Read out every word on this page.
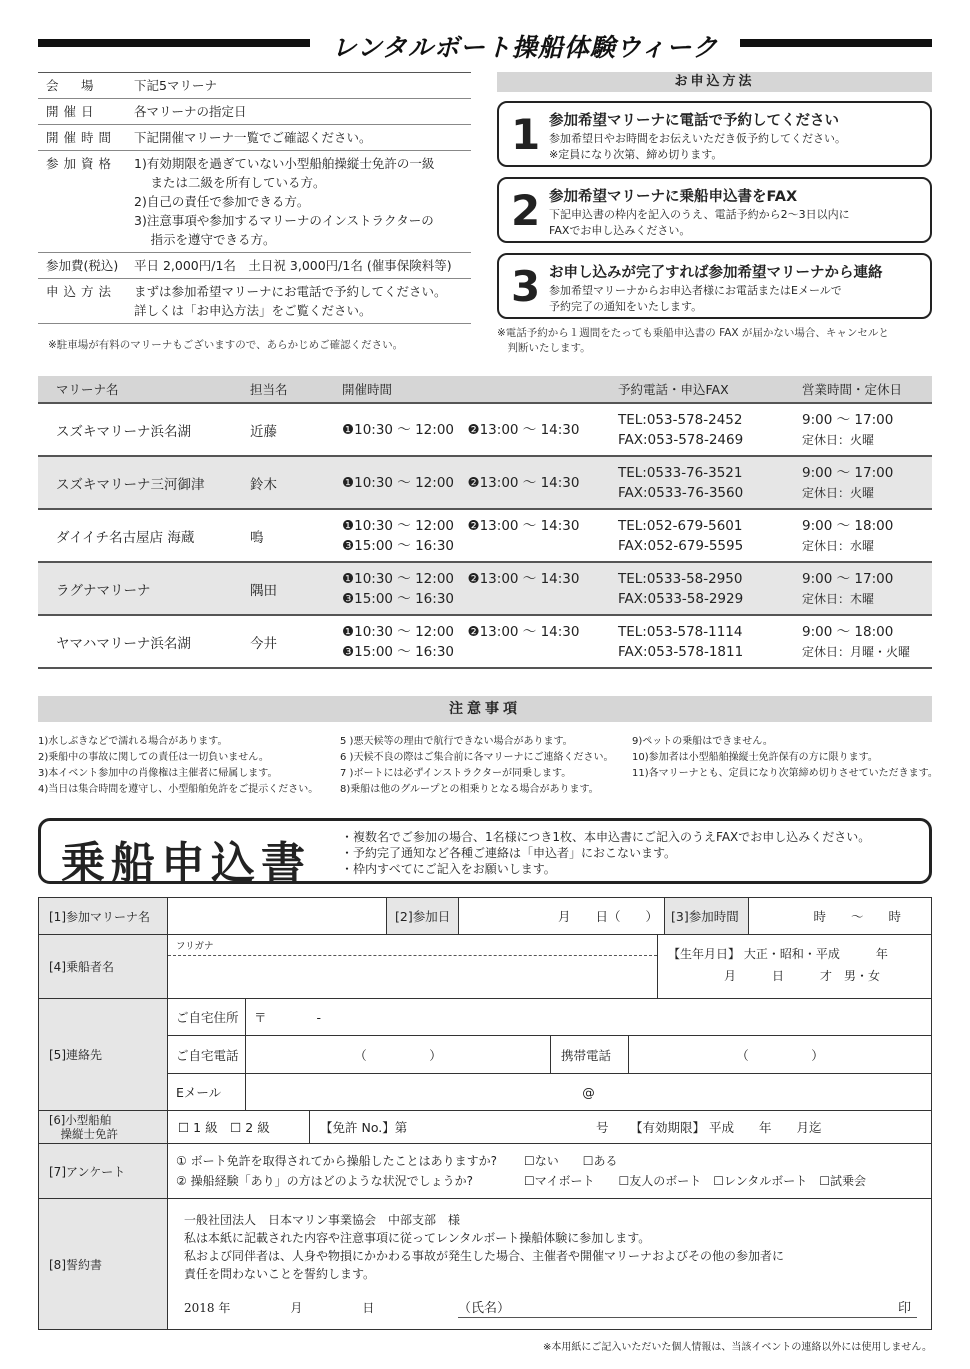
レンタルボート操船体験ウィーク
会　場	下記5マリーナ
開催日	各マリーナの指定日
開催時間	下記開催マリーナ一覧でご確認ください。
参加資格	1)有効期限を過ぎていない小型船舶操縦士免許の一級
　 または二級を所有している方。
2)自己の責任で参加できる方。
3)注意事項や参加するマリーナのインストラクターの
　 指示を遵守できる方。
参加費(税込)	平日 2,000円/1名　土日祝 3,000円/1名 (催事保険料等)
申込方法	まずは参加希望マリーナにお電話で予約してください。
詳しくは「お申込方法」をご覧ください。
※駐車場が有料のマリーナもございますので、あらかじめご確認ください。
お申込方法
1 参加希望マリーナに電話で予約してください
参加希望日やお時間をお伝えいただき仮予約してください。
※定員になり次第、締め切ります。
2 参加希望マリーナに乗船申込書をFAX
下記申込書の枠内を記入のうえ、電話予約から2〜3日以内に
FAXでお申し込みください。
3 お申し込みが完了すれば参加希望マリーナから連絡
参加希望マリーナからお申込者様にお電話またはEメールで
予約完了の通知をいたします。
※電話予約から１週間をたっても乗船申込書の FAX が届かない場合、キャンセルと
　判断いたします。
マリーナ名	担当名	開催時間	予約電話・申込FAX	営業時間・定休日
スズキマリーナ浜名湖	近藤	❶10:30 〜 12:00　❷13:00 〜 14:30
TEL:053-578-2452
FAX:053-578-2469
9:00 〜 17:00
定休日：火曜
スズキマリーナ三河御津	鈴木	❶10:30 〜 12:00　❷13:00 〜 14:30
TEL:0533-76-3521
FAX:0533-76-3560
9:00 〜 17:00
定休日：火曜
ダイイチ名古屋店 海蔵	鳴
❶10:30 〜 12:00　❷13:00 〜 14:30
❸15:00 〜 16:30
TEL:052-679-5601
FAX:052-679-5595
9:00 〜 18:00
定休日：水曜
ラグナマリーナ	隅田
❶10:30 〜 12:00　❷13:00 〜 14:30
❸15:00 〜 16:30
TEL:0533-58-2950
FAX:0533-58-2929
9:00 〜 17:00
定休日：木曜
ヤマハマリーナ浜名湖	今井
❶10:30 〜 12:00　❷13:00 〜 14:30
❸15:00 〜 16:30
TEL:053-578-1114
FAX:053-578-1811
9:00 〜 18:00
定休日：月曜・火曜
注意事項
1)水しぶきなどで濡れる場合があります。
2)乗船中の事故に関しての責任は一切負いません。
3)本イベント参加中の肖像権は主催者に帰属します。
4)当日は集合時間を遵守し、小型船舶免許をご提示ください。
5 )悪天候等の理由で航行できない場合があります。
6 )天候不良の際はご集合前に各マリーナにご連絡ください。
7 )ボートには必ずインストラクターが同乗します。
8)乗船は他のグループとの相乗りとなる場合があります。
9)ペットの乗船はできません。
10)参加者は小型船舶操縦士免許保有の方に限ります。
11)各マリーナとも、定員になり次第締め切りさせていただきます。
乗船申込書
・複数名でご参加の場合、1名様につき1枚、本申込書にご記入のうえFAXでお申し込みください。
・予約完了通知など各種ご連絡は「申込者」におこないます。
・枠内すべてにご記入をお願いします。
[1]参加マリーナ名	[2]参加日	月　　日（　　）	[3]参加時間	時　　〜　　時
[4]乗船者名
フリガナ
【生年月日】 大正・昭和・平成　　　年
月　　　日　　　才　男・女
[5]連絡先
ご自宅住所	〒　　　　-
ご自宅電話	（　　　　　）	携帯電話	（　　　　　）
Eメール	@
[6]小型船舶
　操縦士免許	☐ 1 級　☐ 2 級	【免許 No.】第	号	【有効期限】 平成　　年　　月迄
[7]アンケート
① ボート免許を取得されてから操船したことはありますか?	☐ない　　☐ある
② 操船経験「あり」の方はどのような状況でしょうか?	☐マイボート　　☐友人のボート　☐レンタルボート　☐試乗会
[8]誓約書
一般社団法人　日本マリン事業協会　中部支部　様
私は本紙に記載された内容や注意事項に従ってレンタルボート操船体験に参加します。
私および同伴者は、人身や物損にかかわる事故が発生した場合、主催者や開催マリーナおよびその他の参加者に
責任を問わないことを誓約します。
2018 年　　　　　月　　　　　日	（氏名）	印
※本用紙にご記入いただいた個人情報は、当該イベントの連絡以外には使用しません。
